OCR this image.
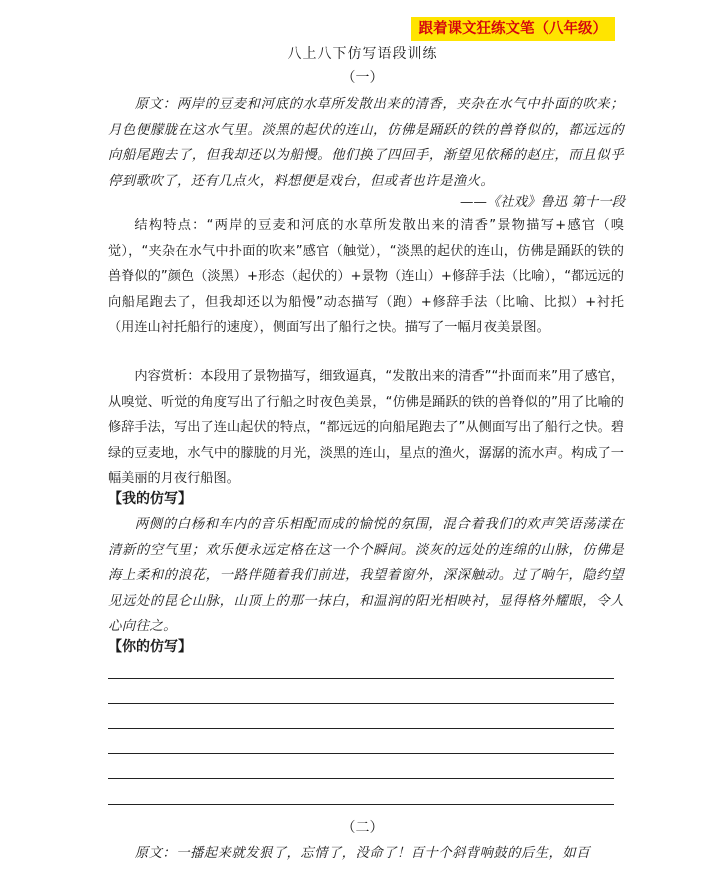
跟着课文狂练文笔（八年级）
八上八下仿写语段训练
（一）

原文：两岸的豆麦和河底的水草所发散出来的清香，夹杂在水气中扑面的吹来；月色便朦胧在这水气里。淡黑的起伏的连山，仿佛是踊跃的铁的兽脊似的，都远远的向船尾跑去了，但我却还以为船慢。他们换了四回手，渐望见依稀的赵庄，而且似乎停到歌吹了，还有几点火，料想便是戏台，但或者也许是渔火。

——《社戏》鲁迅 第十一段

结构特点：“两岸的豆麦和河底的水草所发散出来的清香”景物描写+感官（嗅觉），“夹杂在水气中扑面的吹来”感官（触觉），“淡黑的起伏的连山，仿佛是踊跃的铁的兽脊似的”颜色（淡黑）+形态（起伏的）+景物（连山）+修辞手法（比喻），“都远远的向船尾跑去了，但我却还以为船慢”动态描写（跑）+修辞手法（比喻、比拟）+衬托（用连山衬托船行的速度），侧面写出了船行之快。描写了一幅月夜美景图。

内容赏析：本段用了景物描写，细致逼真，“发散出来的清香”“扑面而来”用了感官，从嗅觉、听觉的角度写出了行船之时夜色美景，“仿佛是踊跃的铁的兽脊似的”用了比喻的修辞手法，写出了连山起伏的特点，“都远远的向船尾跑去了”从侧面写出了船行之快。碧绿的豆麦地，水气中的朦胧的月光，淡黑的连山，星点的渔火，潺潺的流水声。构成了一幅美丽的月夜行船图。

【我的仿写】

两侧的白杨和车内的音乐相配而成的愉悦的氛围，混合着我们的欢声笑语荡漾在清新的空气里；欢乐便永远定格在这一个个瞬间。淡灰的远处的连绵的山脉，仿佛是海上柔和的浪花，一路伴随着我们前进，我望着窗外，深深触动。过了晌午，隐约望见远处的昆仑山脉，山顶上的那一抹白，和温润的阳光相映衬，显得格外耀眼，令人心向往之。

【你的仿写】
（二）

原文：一播起来就发狠了，忘情了，没命了！百十个斜背响鼓的后生，如百
